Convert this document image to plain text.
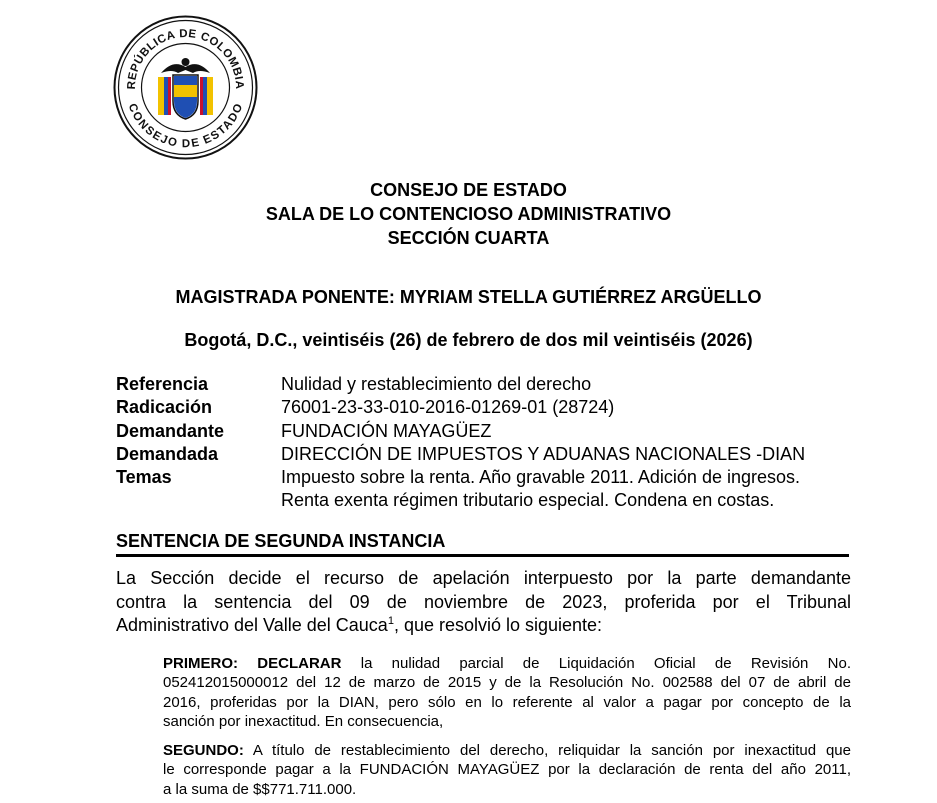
REPÚBLICA DE COLOMBIA
CONSEJO DE ESTADO
CONSEJO DE ESTADO
SALA DE LO CONTENCIOSO ADMINISTRATIVO
SECCIÓN CUARTA
MAGISTRADA PONENTE: MYRIAM STELLA GUTIÉRREZ ARGÜELLO
Bogotá, D.C., veintiséis (26) de febrero de dos mil veintiséis (2026)
Referencia	Nulidad y restablecimiento del derecho
Radicación	76001-23-33-010-2016-01269-01 (28724)
Demandante	FUNDACIÓN MAYAGÜEZ
Demandada	DIRECCIÓN DE IMPUESTOS Y ADUANAS NACIONALES -DIAN
Temas	Impuesto sobre la renta. Año gravable 2011. Adición de ingresos.
Renta exenta régimen tributario especial. Condena en costas.
SENTENCIA DE SEGUNDA INSTANCIA
La Sección decide el recurso de apelación interpuesto por la parte demandante
contra la sentencia del 09 de noviembre de 2023, proferida por el Tribunal
Administrativo del Valle del Cauca$^1$, que resolvió lo siguiente:
PRIMERO: DECLARAR la nulidad parcial de Liquidación Oficial de Revisión No.
052412015000012 del 12 de marzo de 2015 y de la Resolución No. 002588 del 07 de abril de
2016, proferidas por la DIAN, pero sólo en lo referente al valor a pagar por concepto de la
sanción por inexactitud. En consecuencia,
SEGUNDO: A título de restablecimiento del derecho, reliquidar la sanción por inexactitud que
le corresponde pagar a la FUNDACIÓN MAYAGÜEZ por la declaración de renta del año 2011,
a la suma de $$771.711.000.
